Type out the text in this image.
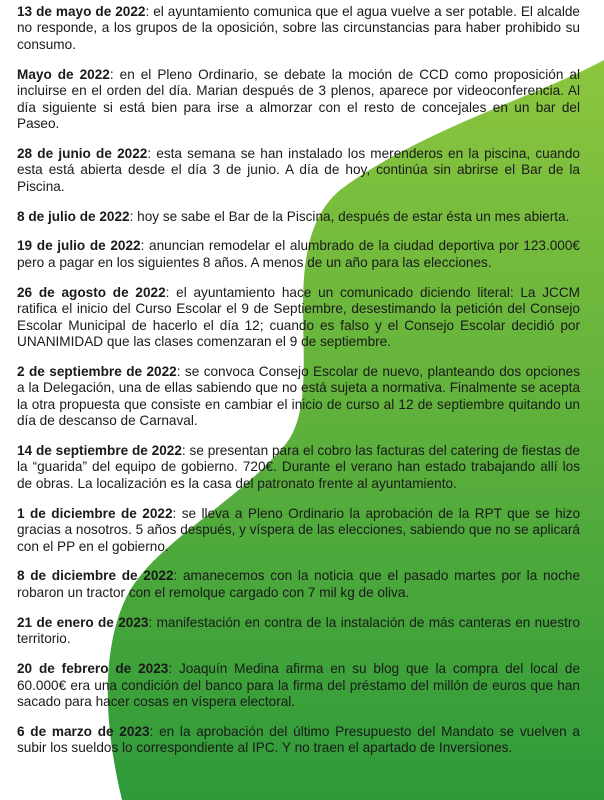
13 de mayo de 2022: el ayuntamiento comunica que el agua vuelve a ser potable. El alcalde no responde, a los grupos de la oposición, sobre las circunstancias para haber prohibido su consumo.

Mayo de 2022: en el Pleno Ordinario, se debate la moción de CCD como proposición al incluirse en el orden del día. Marian después de 3 plenos, aparece por videoconferencia. Al día siguiente si está bien para irse a almorzar con el resto de concejales en un bar del Paseo.

28 de junio de 2022: esta semana se han instalado los merenderos en la piscina, cuando esta está abierta desde el día 3 de junio. A día de hoy, continúa sin abrirse el Bar de la Piscina.

8 de julio de 2022: hoy se sabe el Bar de la Piscina, después de estar ésta un mes abierta.

19 de julio de 2022: anuncian remodelar el alumbrado de la ciudad deportiva por 123.000€ pero a pagar en los siguientes 8 años. A menos de un año para las elecciones.

26 de agosto de 2022: el ayuntamiento hace un comunicado diciendo literal: La JCCM ratifica el inicio del Curso Escolar el 9 de Septiembre, desestimando la petición del Consejo Escolar Municipal de hacerlo el día 12; cuando es falso y el Consejo Escolar decidió por UNANIMIDAD que las clases comenzaran el 9 de septiembre.

2 de septiembre de 2022: se convoca Consejo Escolar de nuevo, planteando dos opciones a la Delegación, una de ellas sabiendo que no está sujeta a normativa. Finalmente se acepta la otra propuesta que consiste en cambiar el inicio de curso al 12 de septiembre quitando un día de descanso de Carnaval.

14 de septiembre de 2022: se presentan para el cobro las facturas del catering de fiestas de la “guarida” del equipo de gobierno. 720€. Durante el verano han estado trabajando allí los de obras. La localización es la casa del patronato frente al ayuntamiento.

1 de diciembre de 2022: se lleva a Pleno Ordinario la aprobación de la RPT que se hizo gracias a nosotros. 5 años después, y víspera de las elecciones, sabiendo que no se aplicará con el PP en el gobierno.

8 de diciembre de 2022: amanecemos con la noticia que el pasado martes por la noche robaron un tractor con el remolque cargado con 7 mil kg de oliva.

21 de enero de 2023: manifestación en contra de la instalación de más canteras en nuestro territorio.

20 de febrero de 2023: Joaquín Medina afirma en su blog que la compra del local de 60.000€ era una condición del banco para la firma del préstamo del millón de euros que han sacado para hacer cosas en víspera electoral.

6 de marzo de 2023: en la aprobación del último Presupuesto del Mandato se vuelven a subir los sueldos lo correspondiente al IPC. Y no traen el apartado de Inversiones.
